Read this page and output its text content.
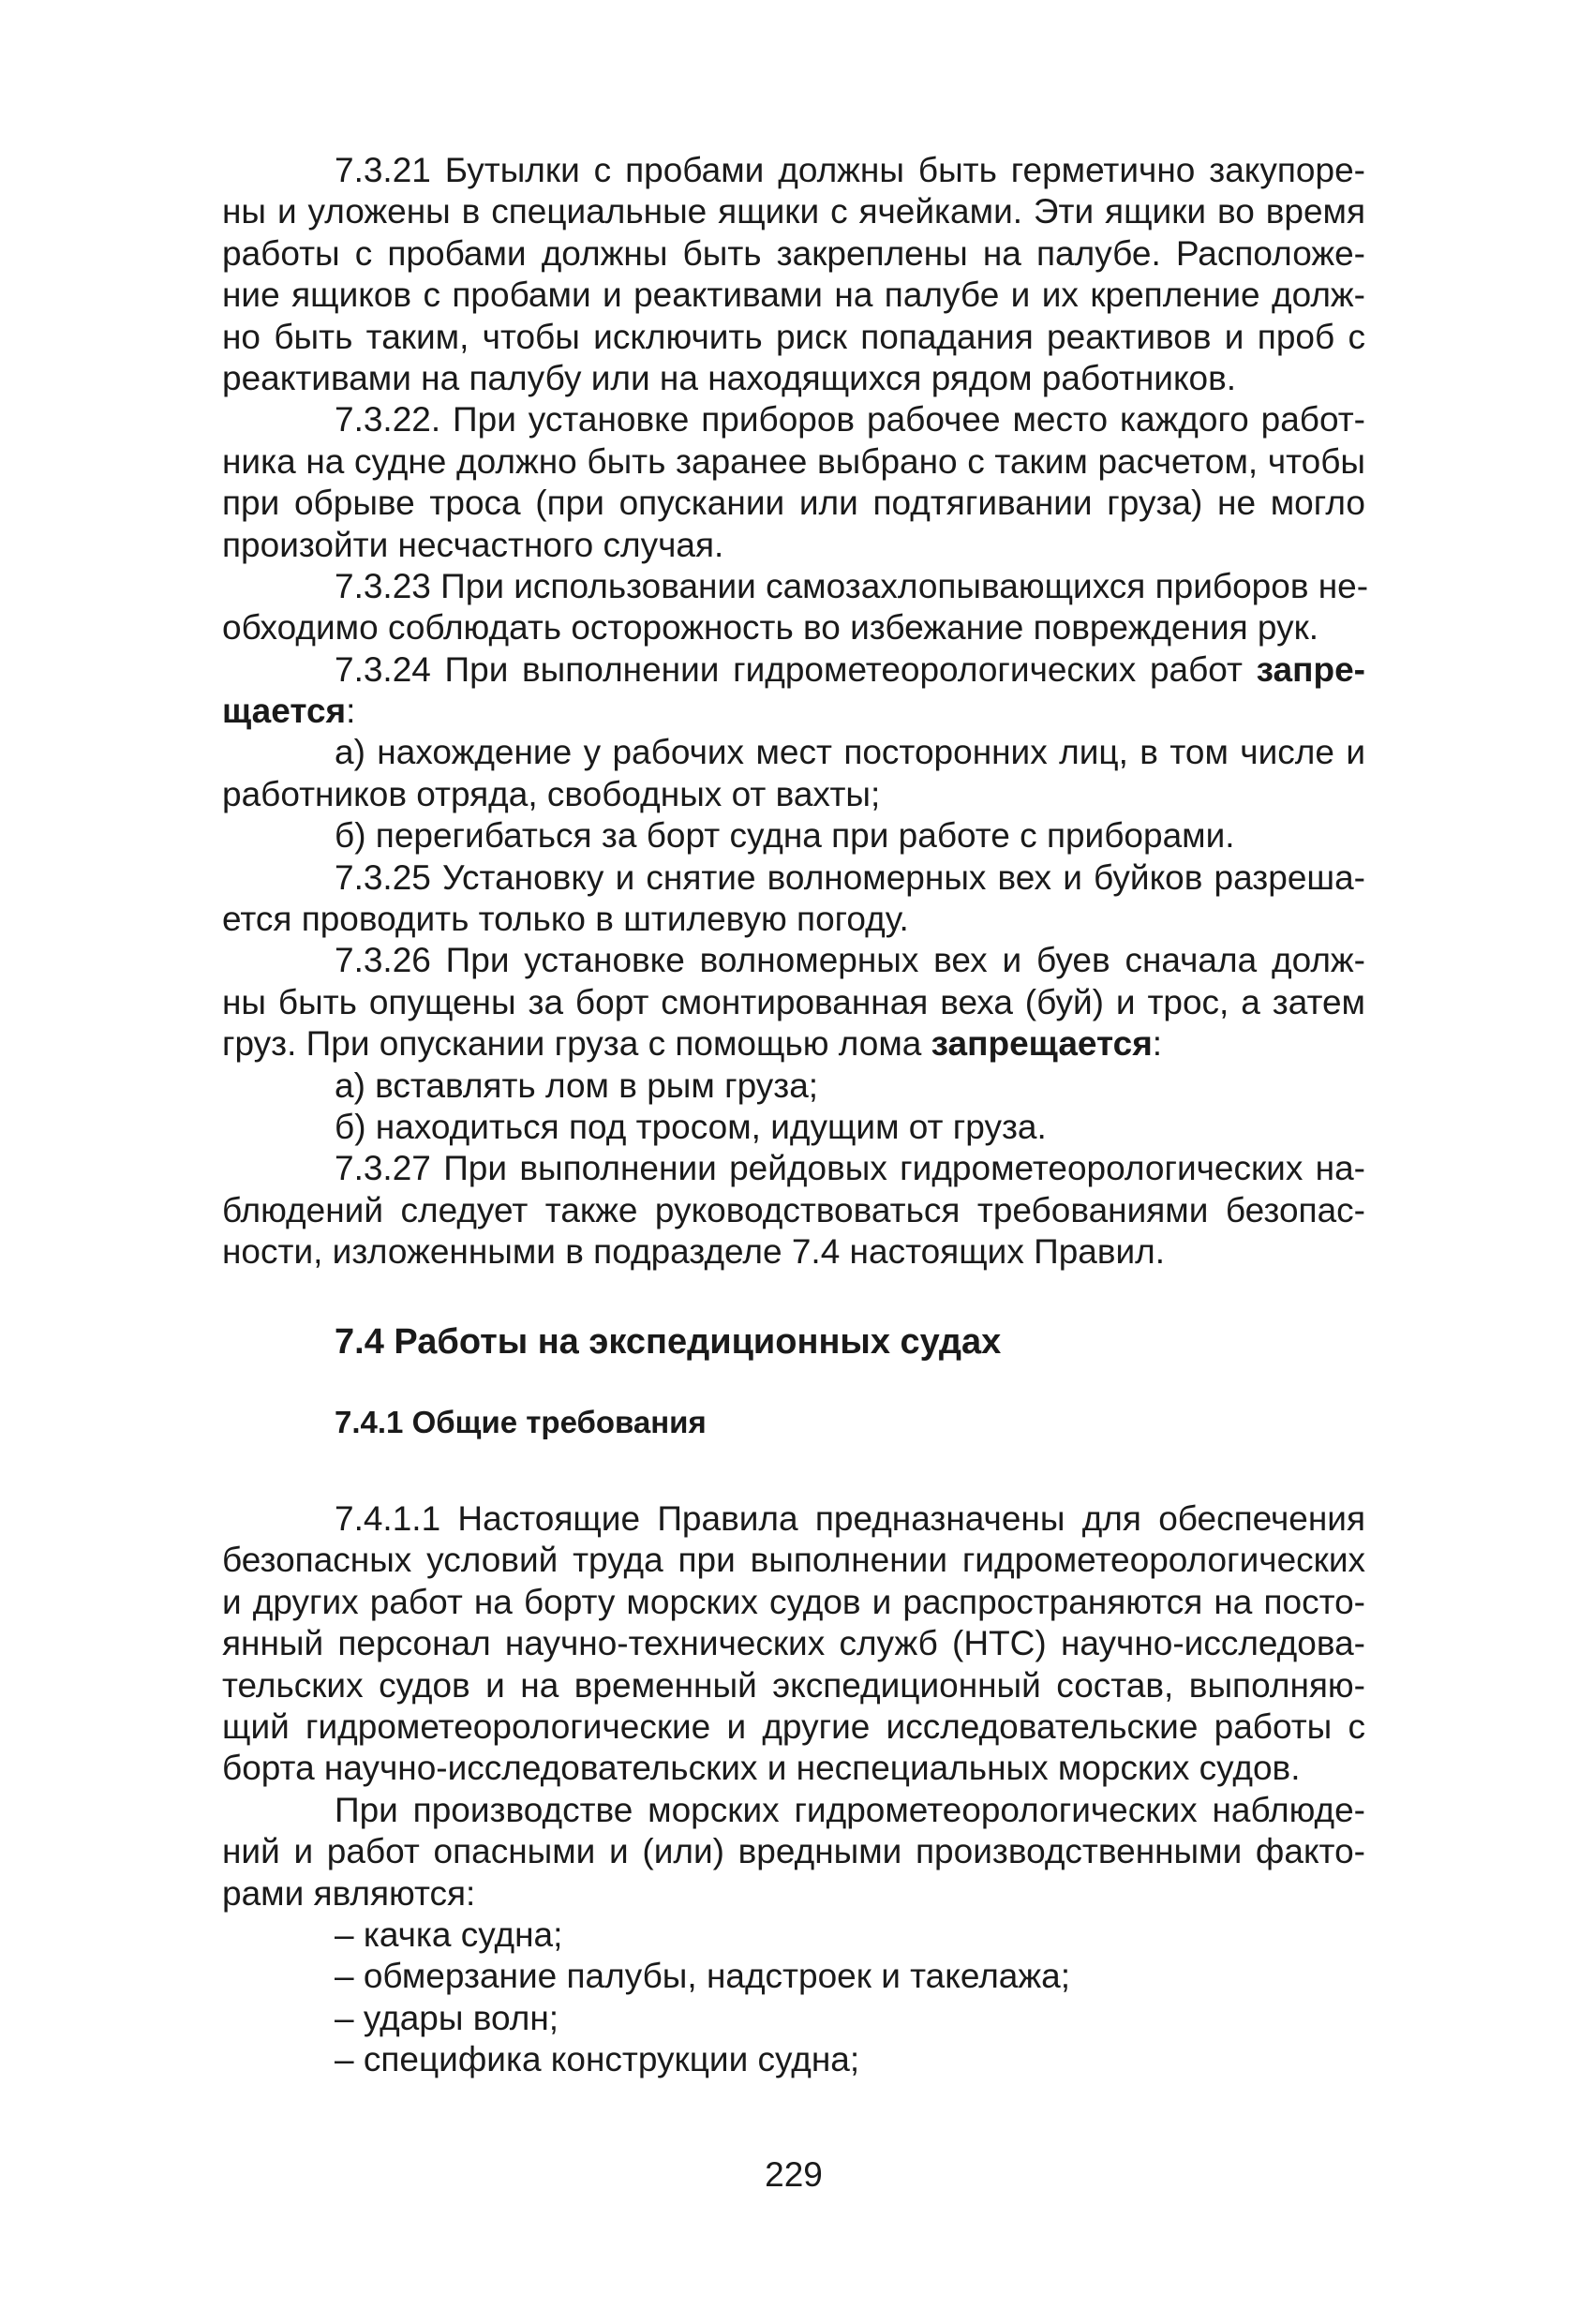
7.3.21 Бутылки с пробами должны быть герметично закупоре-
ны и уложены в специальные ящики с ячейками. Эти ящики во время
работы с пробами должны быть закреплены на палубе. Расположе-
ние ящиков с пробами и реактивами на палубе и их крепление долж-
но быть таким, чтобы исключить риск попадания реактивов и проб с
реактивами на палубу или на находящихся рядом работников.
7.3.22. При установке приборов рабочее место каждого работ-
ника на судне должно быть заранее выбрано с таким расчетом, чтобы
при обрыве троса (при опускании или подтягивании груза) не могло
произойти несчастного случая.
7.3.23 При использовании самозахлопывающихся приборов не-
обходимо соблюдать осторожность во избежание повреждения рук.
7.3.24 При выполнении гидрометеорологических работ запре-
щается:
а) нахождение у рабочих мест посторонних лиц, в том числе и
работников отряда, свободных от вахты;
б) перегибаться за борт судна при работе с приборами.
7.3.25 Установку и снятие волномерных вех и буйков разреша-
ется проводить только в штилевую погоду.
7.3.26 При установке волномерных вех и буев сначала долж-
ны быть опущены за борт смонтированная веха (буй) и трос, а затем
груз. При опускании груза с помощью лома запрещается:
а) вставлять лом в рым груза;
б) находиться под тросом, идущим от груза.
7.3.27 При выполнении рейдовых гидрометеорологических на-
блюдений следует также руководствоваться требованиями безопас-
ности, изложенными в подразделе 7.4 настоящих Правил.
7.4 Работы на экспедиционных судах
7.4.1 Общие требования
7.4.1.1 Настоящие Правила предназначены для обеспечения
безопасных условий труда при выполнении гидрометеорологических
и других работ на борту морских судов и распространяются на посто-
янный персонал научно-технических служб (НТС) научно-исследова-
тельских судов и на временный экспедиционный состав, выполняю-
щий гидрометеорологические и другие исследовательские работы с
борта научно-исследовательских и неспециальных морских судов.
При производстве морских гидрометеорологических наблюде-
ний и работ опасными и (или) вредными производственными факто-
рами являются:
– качка судна;
– обмерзание палубы, надстроек и такелажа;
– удары волн;
– специфика конструкции судна;
229
